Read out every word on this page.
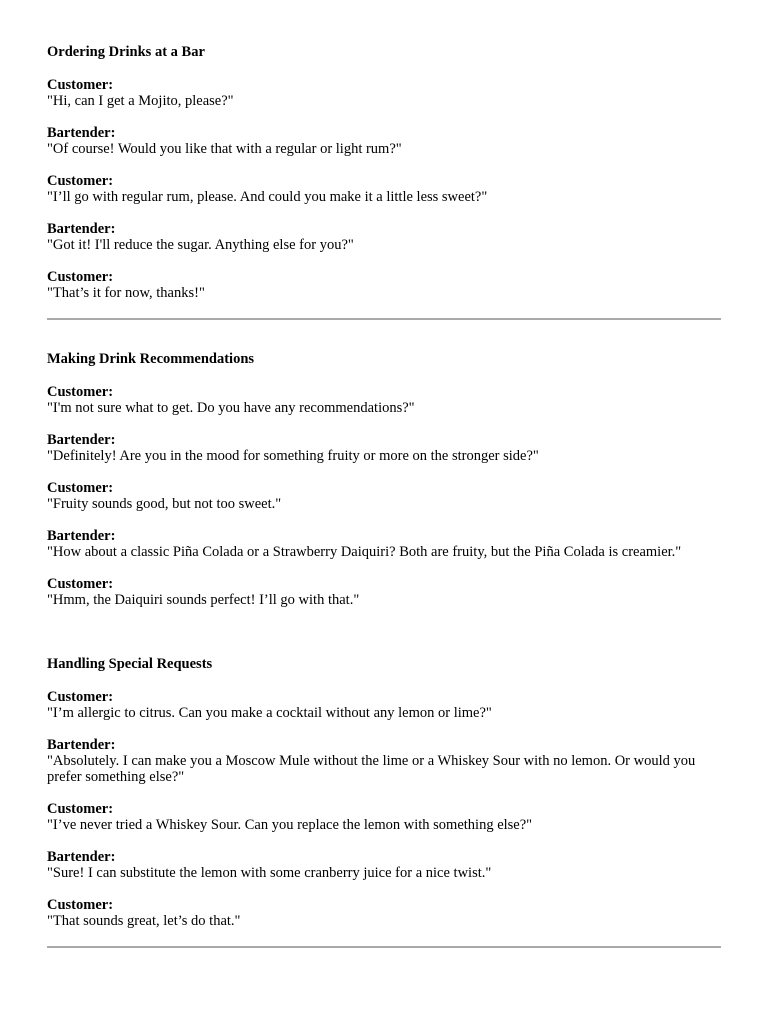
Ordering Drinks at a Bar
Customer:
"Hi, can I get a Mojito, please?"
Bartender:
"Of course! Would you like that with a regular or light rum?"
Customer:
"I’ll go with regular rum, please. And could you make it a little less sweet?"
Bartender:
"Got it! I'll reduce the sugar. Anything else for you?"
Customer:
"That’s it for now, thanks!"
Making Drink Recommendations
Customer:
"I'm not sure what to get. Do you have any recommendations?"
Bartender:
"Definitely! Are you in the mood for something fruity or more on the stronger side?"
Customer:
"Fruity sounds good, but not too sweet."
Bartender:
"How about a classic Piña Colada or a Strawberry Daiquiri? Both are fruity, but the Piña Colada is creamier."
Customer:
"Hmm, the Daiquiri sounds perfect! I’ll go with that."
Handling Special Requests
Customer:
"I’m allergic to citrus. Can you make a cocktail without any lemon or lime?"
Bartender:
"Absolutely. I can make you a Moscow Mule without the lime or a Whiskey Sour with no lemon. Or would you prefer something else?"
Customer:
"I’ve never tried a Whiskey Sour. Can you replace the lemon with something else?"
Bartender:
"Sure! I can substitute the lemon with some cranberry juice for a nice twist."
Customer:
"That sounds great, let’s do that."
